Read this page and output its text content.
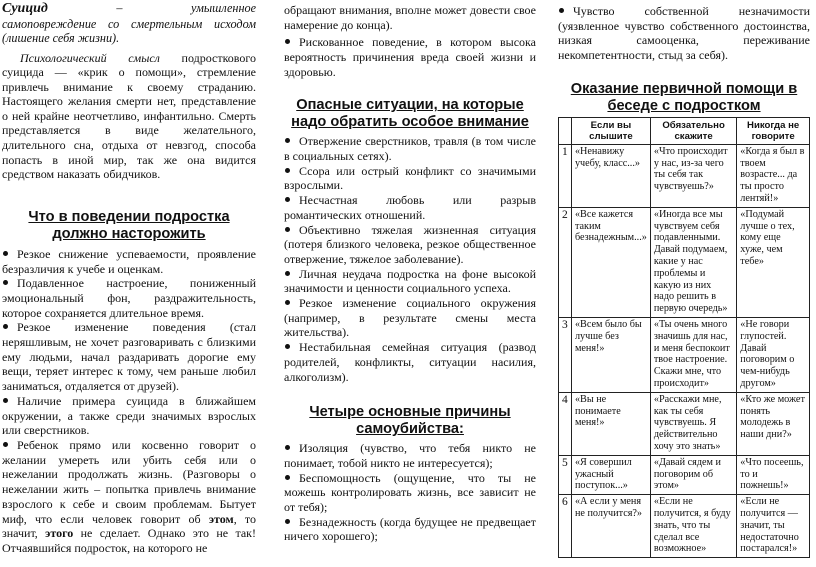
Суицид	–	умышленное самоповреждение со смертельным исходом (лишение себя жизни).

Психологический смысл подросткового суицида — «крик о помощи», стремление привлечь внимание к своему страданию. Настоящего желания смерти нет, представление о ней крайне неотчетливо, инфантильно. Смерть представляется в виде желательного, длительного сна, отдыха от невзгод, способа попасть в иной мир, так же она видится средством наказать обидчиков.

Что в поведении подростка
должно насторожить
Резкое снижение успеваемости, проявление безразличия к учебе и оценкам.
Подавленное настроение, пониженный эмоциональный фон, раздражительность, которое сохраняется длительное время.
Резкое изменение поведения (стал неряшливым, не хочет разговаривать с близкими ему людьми, начал раздаривать дорогие ему вещи, теряет интерес к тому, чем раньше любил заниматься, отдаляется от друзей).
Наличие примера суицида в ближайшем окружении, а также среди значимых взрослых или сверстников.
Ребенок прямо или косвенно говорит о желании умереть или убить себя или о нежелании продолжать жизнь. (Разговоры о нежелании жить – попытка привлечь внимание взрослого к себе и своим проблемам. Бытует миф, что если человек говорит об этом, то значит, этого не сделает. Однако это не так! Отчаявшийся подросток, на которого не

обращают внимания, вполне может довести свое намерение до конца).

Рискованное поведение, в котором высока вероятность причинения вреда своей жизни и здоровью.
Опасные ситуации, на которые
надо обратить особое внимание
Отвержение сверстников, травля (в том числе в социальных сетях).
Ссора или острый конфликт со значимыми взрослыми.
Несчастная любовь или разрыв романтических отношений.
Объективно тяжелая жизненная ситуация (потеря близкого человека, резкое общественное отвержение, тяжелое заболевание).
Личная неудача подростка на фоне высокой значимости и ценности социального успеха.
Резкое изменение социального окружения (например, в результате смены места жительства).
Нестабильная семейная ситуация (развод родителей, конфликты, ситуации насилия, алкоголизм).
Четыре основные причины
самоубийства:
Изоляция (чувство, что тебя никто не понимает, тобой никто не интересуется);
Беспомощность (ощущение, что ты не можешь контролировать жизнь, все зависит не от тебя);
Безнадежность (когда будущее не предвещает ничего хорошего);
Чувство собственной незначимости (уязвленное чувство собственного достоинства, низкая самооценка, переживание некомпетентности, стыд за себя).
Оказание первичной помощи в
беседе с подростком
	Если вы слышите	Обязательно скажите	Никогда не говорите
1	«Ненавижу учебу, класс...»	«Что происходит у нас, из-за чего ты себя так чувствуешь?»	«Когда я был в твоем возрасте... да ты просто лентяй!»
2	«Все кажется таким безнадежным...»	«Иногда все мы чувствуем себя подавленными. Давай подумаем, какие у нас проблемы и какую из них надо решить в первую очередь»	«Подумай лучше о тех, кому еще хуже, чем тебе»
3	«Всем было бы лучше без меня!»	«Ты очень много значишь для нас, и меня беспокоит твое настроение. Скажи мне, что происходит»	«Не говори глупостей. Давай поговорим о чем-нибудь другом»
4	«Вы не понимаете меня!»	«Расскажи мне, как ты себя чувствуешь. Я действительно хочу это знать»	«Кто же может понять молодежь в наши дни?»
5	«Я совершил ужасный поступок...»	«Давай сядем и поговорим об этом»	«Что посеешь, то и пожнешь!»
6	«А если у меня не получится?»	«Если не получится, я буду знать, что ты сделал все возможное»	«Если не получится — значит, ты недостаточно постарался!»
